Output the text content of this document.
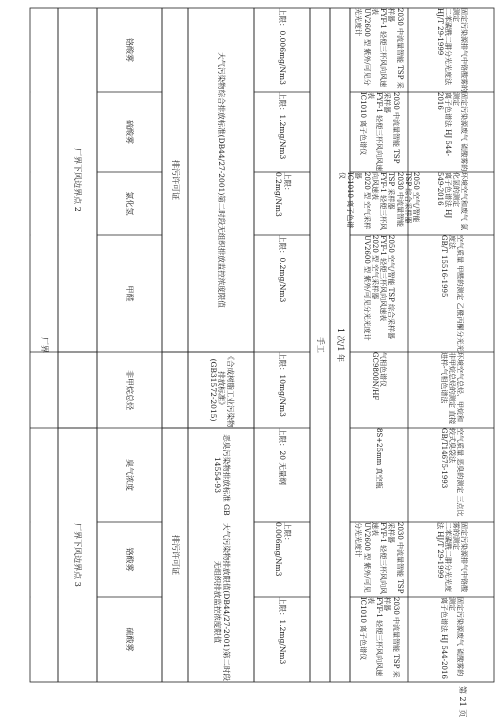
厂界
厂界下风边界点 2
厂界下风边界点 3
铬酸雾
硫酸雾
氯化氢
甲醛
非甲烷总烃
臭气浓度
铬酸雾
硫酸雾
排污许可证
排污许可证
大气污染物综合排放标准(DB44/27-2001)第二时段无组织排放监控浓度限值
《合成树脂工业污染物排放标准》(GB31572-2015)
恶臭污染物排放标准 GB 14554-93
大气污染物排放限值(DB44/27-2001)第二时段无组织排放监控浓度限值
上限：0.006mg/Nm3
上限：1.2mg/Nm3
上限：0.2mg/Nm3
上限：0.2mg/Nm3
上限：10mg/Nm3
上限：20 无量纲
上限：0.006mg/Nm3
上限：1.2mg/Nm3
手工 1 次/1 年
2030 中流量智能 TSP 采样器
FYF-1 轻便三杯风向风速表
UV2600 型 紫外/可见分光光度计
2030 中流量智能 TSP 采样器
FYF-1 轻便三杯风向风速表
IC1010 离子色谱仪
2050 空气/智能 TSP 综合采样器
2030 中流量智能 TSP 采样器
FYF-1 轻便三杯风向风速表
2020 型 空气采样器
IC1010 离子色谱仪
2050 空气/智能 TSP 综合采样器
FYF-1 轻便三杯风向风速表
2020 型 空气采样器
UV2600 型 紫外/可见分光光度计
气相色谱仪
GC9800N/HF
8S+25mm 真空瓶
2030 中流量智能 TSP 采样器
FYF-1 轻便三杯风向风速表
UV2600 型 紫外/可见分光光度计
2030 中流量智能 TSP 采样器
FYF-1 轻便三杯风向风速表
IC1010 离子色谱仪
固定污染源排气中铬酸雾的测定
二苯碳酰二肼分光光度法 HJ/T 29-1999
固定污染源废气 硫酸雾的测定
离子色谱法 HJ 544-2016
环境空气和废气 氯化氢的测定
离子色谱法 HJ 549-2016
空气质量 甲醛的测定 乙酰丙酮分光光度法
GB/T 15516-1995
环境空气总烃、甲烷和非甲烷总烃的测定 直接进样-气相色谱法
空气质量 恶臭的测定 三点比较式臭袋法
GB/T14675-1993
固定污染源排气中铬酸雾的测定
二苯碳酰二肼分光光度法 HJ/T 29-1999
固定污染源废气 硫酸雾的测定
离子色谱法 HJ 544-2016
第 21 页
